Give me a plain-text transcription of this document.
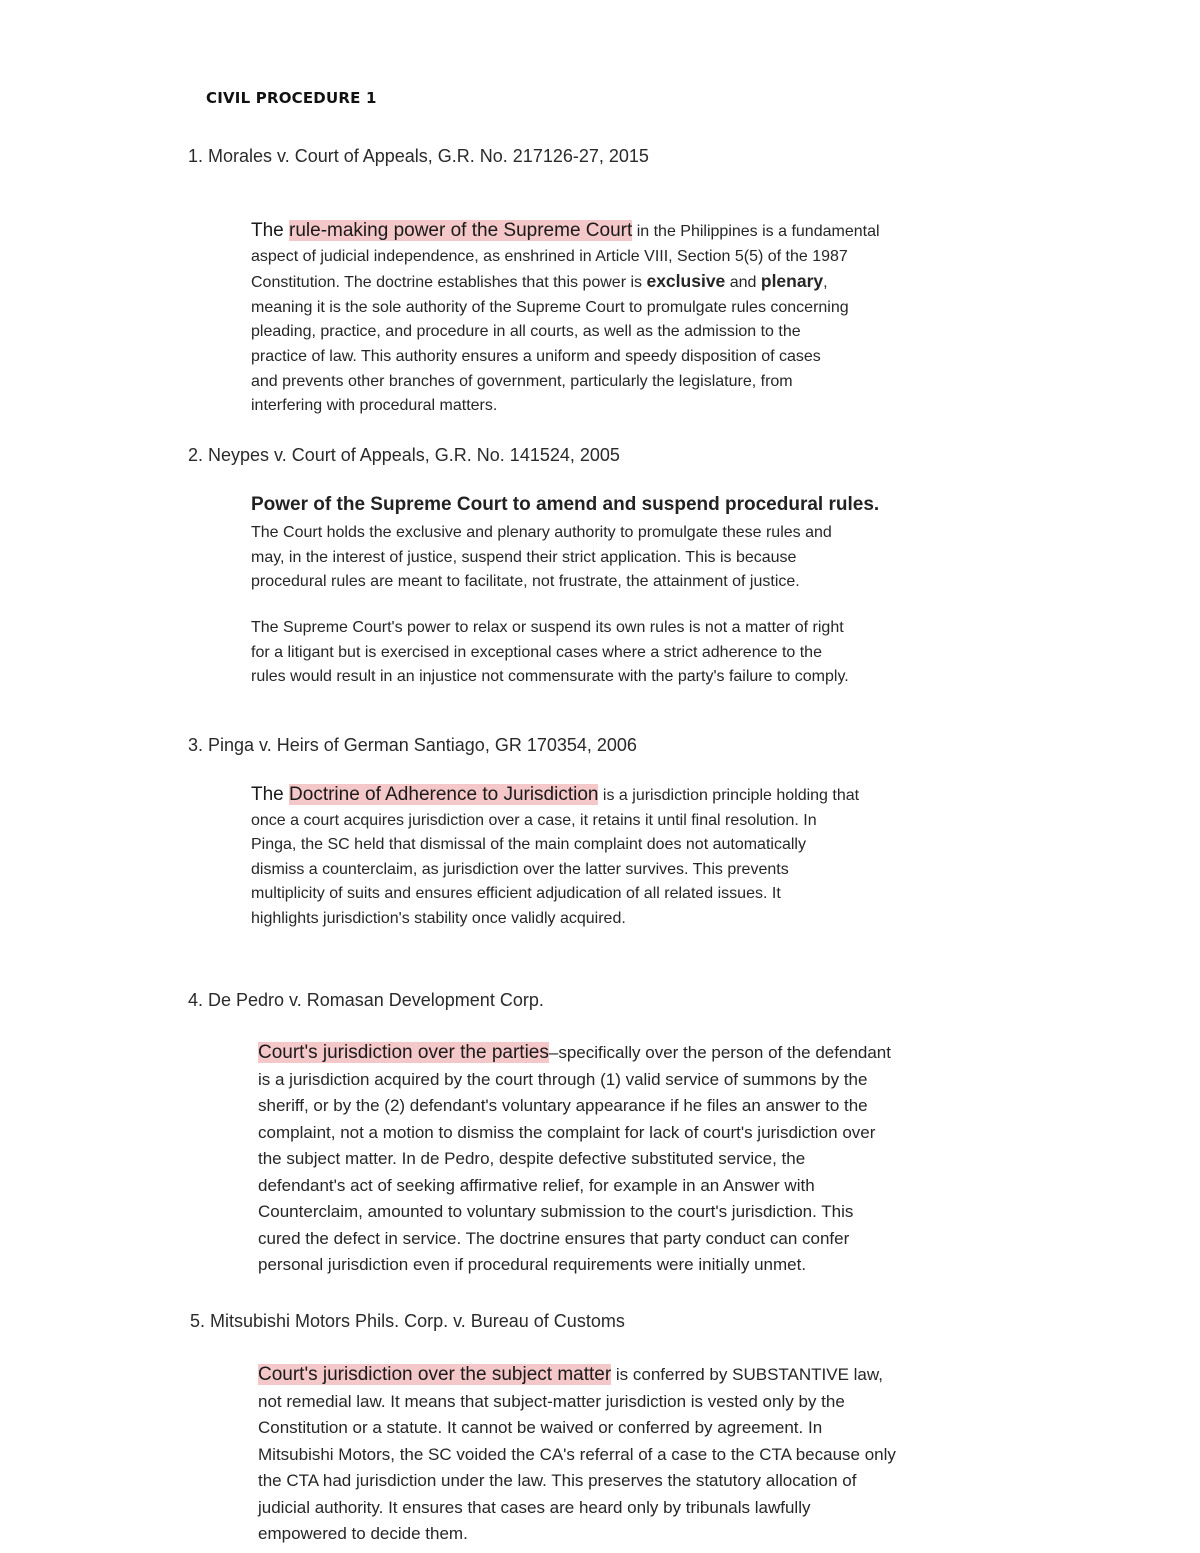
CIVIL PROCEDURE 1
1. Morales v. Court of Appeals, G.R. No. 217126-27, 2015
The rule-making power of the Supreme Court in the Philippines is a fundamental
aspect of judicial independence, as enshrined in Article VIII, Section 5(5) of the 1987
Constitution. The doctrine establishes that this power is exclusive and plenary,
meaning it is the sole authority of the Supreme Court to promulgate rules concerning
pleading, practice, and procedure in all courts, as well as the admission to the
practice of law. This authority ensures a uniform and speedy disposition of cases
and prevents other branches of government, particularly the legislature, from
interfering with procedural matters.
2. Neypes v. Court of Appeals, G.R. No. 141524, 2005
Power of the Supreme Court to amend and suspend procedural rules.
The Court holds the exclusive and plenary authority to promulgate these rules and
may, in the interest of justice, suspend their strict application. This is because
procedural rules are meant to facilitate, not frustrate, the attainment of justice.
The Supreme Court's power to relax or suspend its own rules is not a matter of right
for a litigant but is exercised in exceptional cases where a strict adherence to the
rules would result in an injustice not commensurate with the party's failure to comply.
3. Pinga v. Heirs of German Santiago, GR 170354, 2006
The Doctrine of Adherence to Jurisdiction is a jurisdiction principle holding that
once a court acquires jurisdiction over a case, it retains it until final resolution. In
Pinga, the SC held that dismissal of the main complaint does not automatically
dismiss a counterclaim, as jurisdiction over the latter survives. This prevents
multiplicity of suits and ensures efficient adjudication of all related issues. It
highlights jurisdiction's stability once validly acquired.
4. De Pedro v. Romasan Development Corp.
Court's jurisdiction over the parties–specifically over the person of the defendant
is a jurisdiction acquired by the court through (1) valid service of summons by the
sheriff, or by the (2) defendant's voluntary appearance if he files an answer to the
complaint, not a motion to dismiss the complaint for lack of court's jurisdiction over
the subject matter. In de Pedro, despite defective substituted service, the
defendant's act of seeking affirmative relief, for example in an Answer with
Counterclaim, amounted to voluntary submission to the court's jurisdiction. This
cured the defect in service. The doctrine ensures that party conduct can confer
personal jurisdiction even if procedural requirements were initially unmet.
5. Mitsubishi Motors Phils. Corp. v. Bureau of Customs
Court's jurisdiction over the subject matter is conferred by SUBSTANTIVE law,
not remedial law. It means that subject-matter jurisdiction is vested only by the
Constitution or a statute. It cannot be waived or conferred by agreement. In
Mitsubishi Motors, the SC voided the CA's referral of a case to the CTA because only
the CTA had jurisdiction under the law. This preserves the statutory allocation of
judicial authority. It ensures that cases are heard only by tribunals lawfully
empowered to decide them.
